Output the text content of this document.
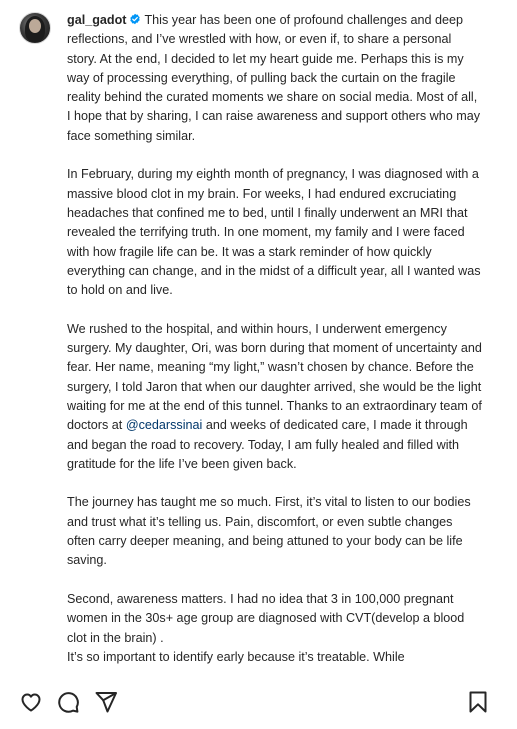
gal_gadot This year has been one of profound challenges and deep reflections, and I’ve wrestled with how, or even if, to share a personal story. At the end, I decided to let my heart guide me. Perhaps this is my way of processing everything, of pulling back the curtain on the fragile reality behind the curated moments we share on social media. Most of all, I hope that by sharing, I can raise awareness and support others who may face something similar.

In February, during my eighth month of pregnancy, I was diagnosed with a massive blood clot in my brain. For weeks, I had endured excruciating headaches that confined me to bed, until I finally underwent an MRI that revealed the terrifying truth. In one moment, my family and I were faced with how fragile life can be. It was a stark reminder of how quickly everything can change, and in the midst of a difficult year, all I wanted was to hold on and live.

We rushed to the hospital, and within hours, I underwent emergency surgery. My daughter, Ori, was born during that moment of uncertainty and fear. Her name, meaning “my light,” wasn’t chosen by chance. Before the surgery, I told Jaron that when our daughter arrived, she would be the light waiting for me at the end of this tunnel. Thanks to an extraordinary team of doctors at @cedarssinai and weeks of dedicated care, I made it through and began the road to recovery. Today, I am fully healed and filled with gratitude for the life I’ve been given back.

The journey has taught me so much. First, it’s vital to listen to our bodies and trust what it’s telling us. Pain, discomfort, or even subtle changes often carry deeper meaning, and being attuned to your body can be life saving.

Second, awareness matters. I had no idea that 3 in 100,000 pregnant women in the 30s+ age group are diagnosed with CVT(develop a blood clot in the brain) .
It’s so important to identify early because it’s treatable. While
